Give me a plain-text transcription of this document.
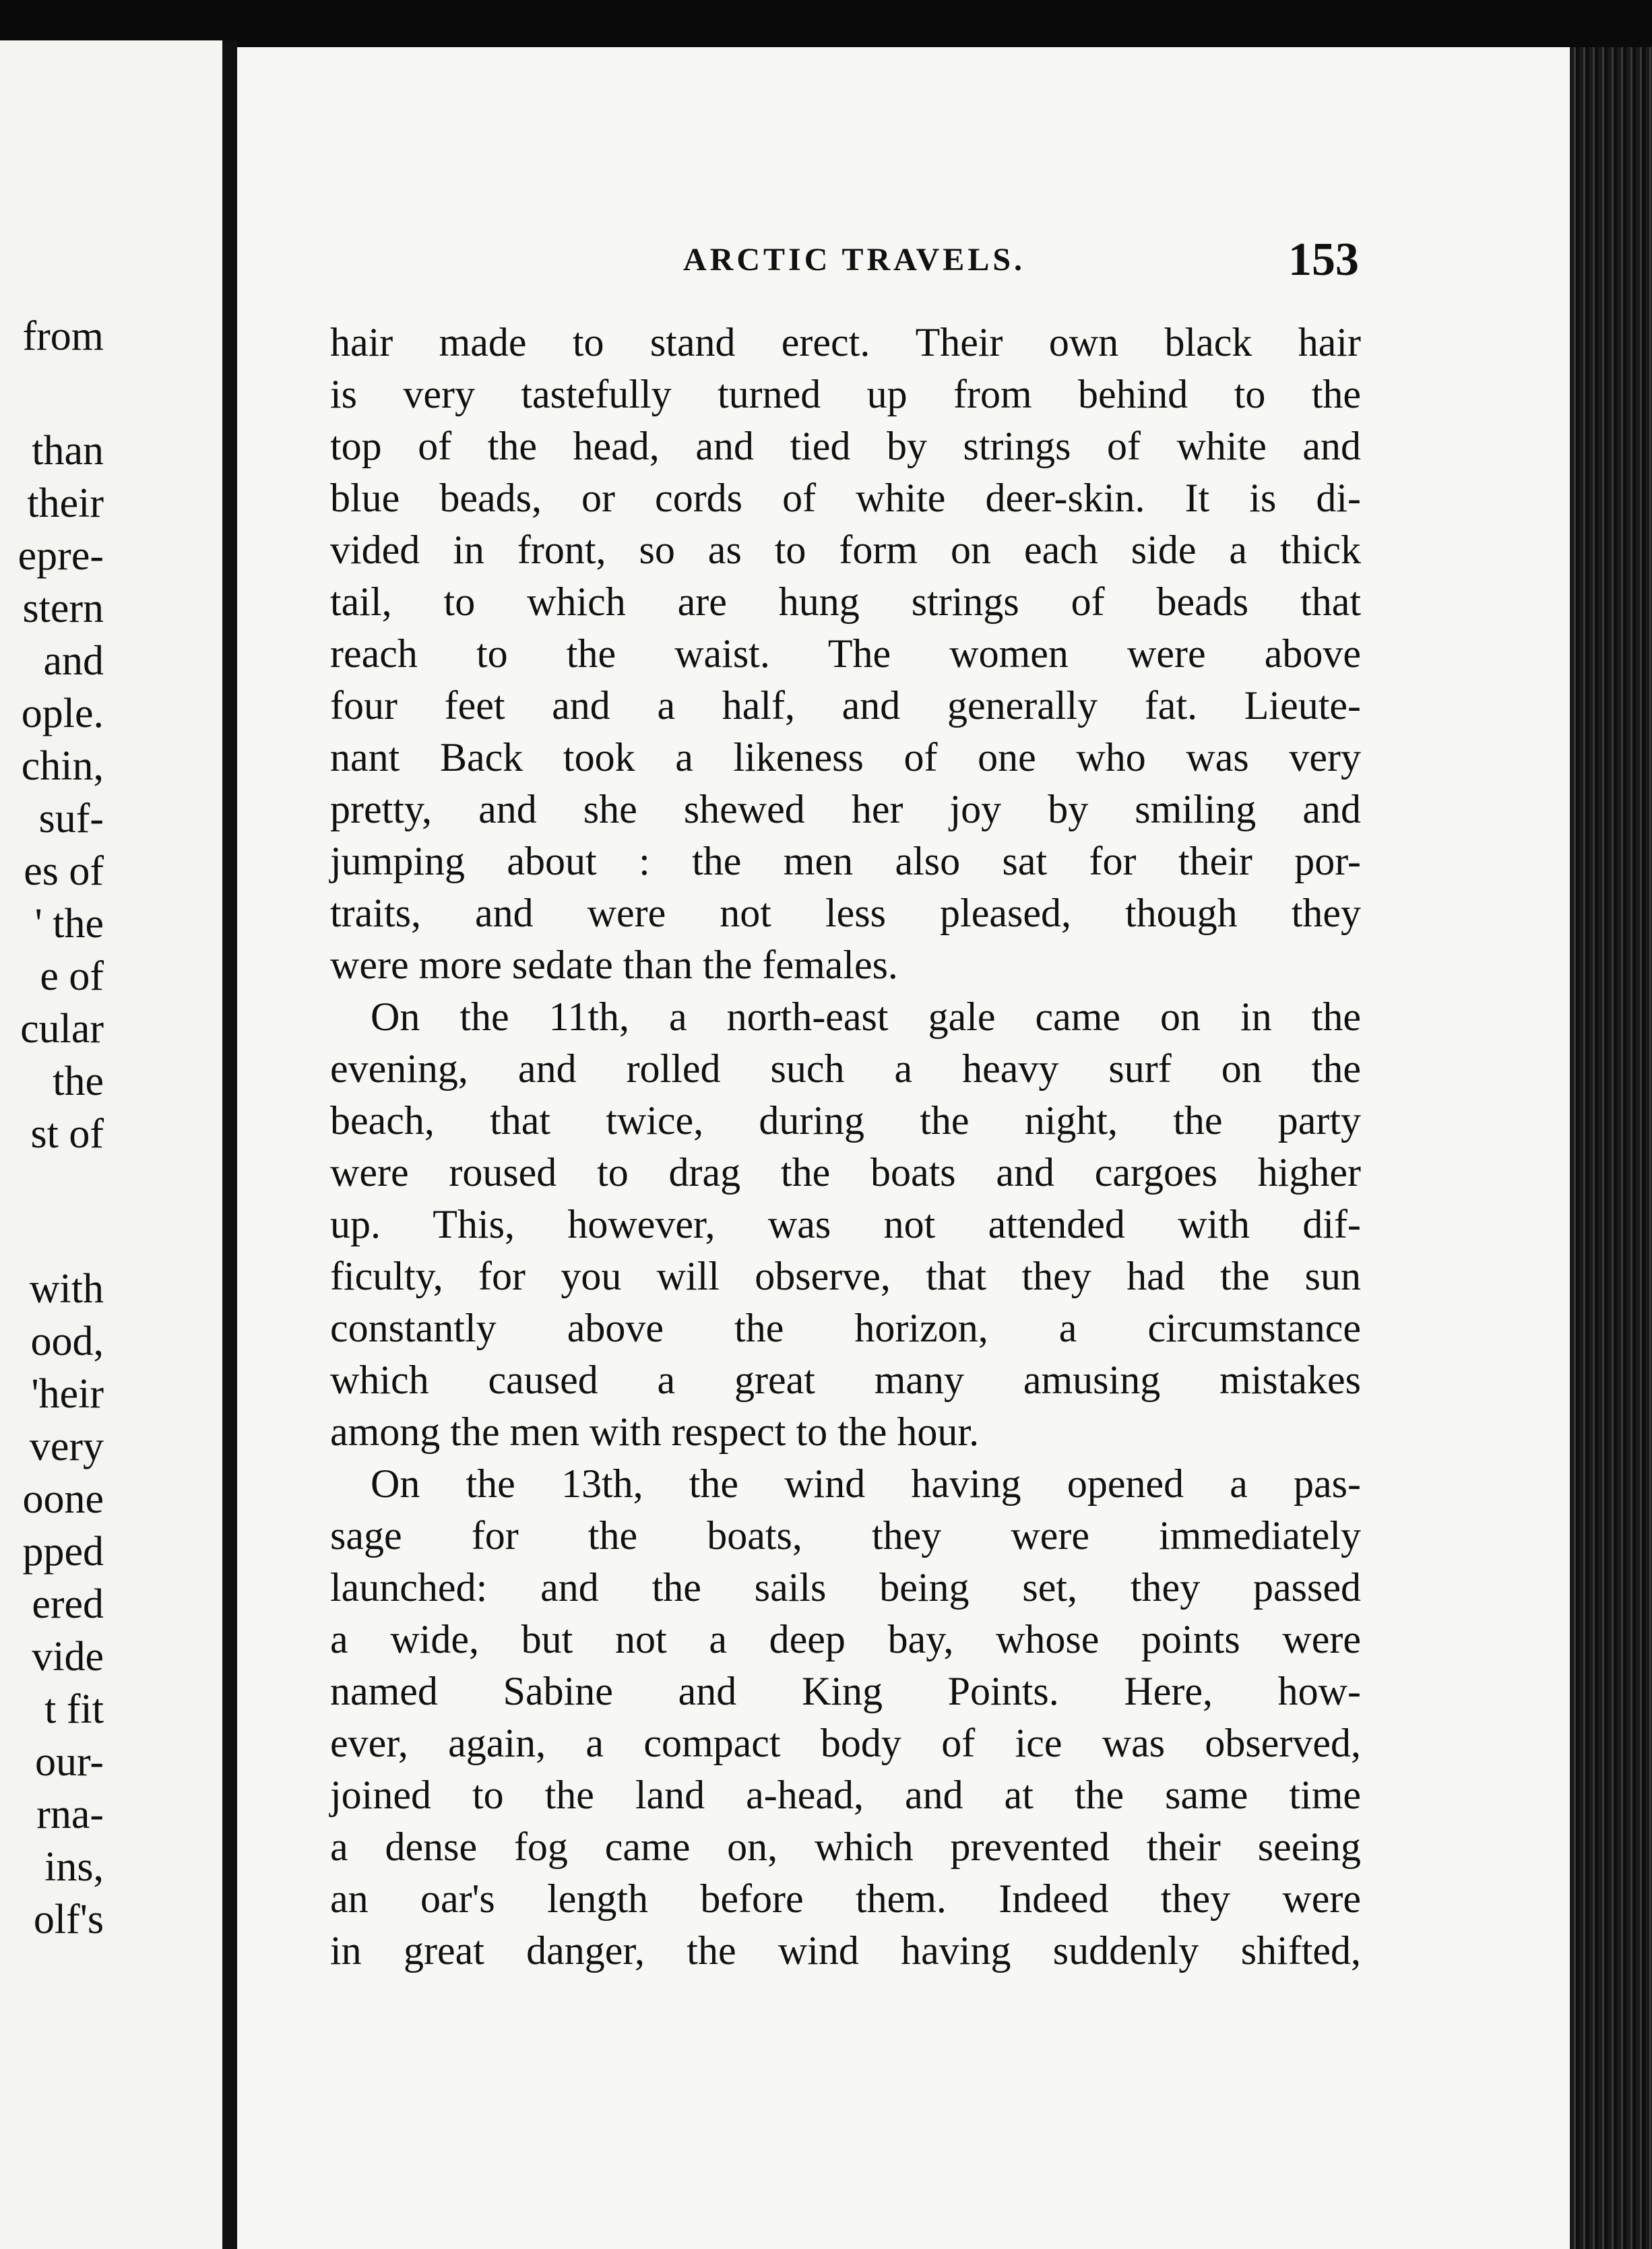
from

than

their

epre-

stern

and

ople.

chin,

suf-

es of

' the

e of

cular

the

st of

with

ood,

'heir

very

oone

pped

ered

vide

t fit

our-

rna-

ins,

olf's

ARCTIC TRAVELS.	153

hair made to stand erect. Their own black hair
is very tastefully turned up from behind to the
top of the head, and tied by strings of white and
blue beads, or cords of white deer-skin. It is di-
vided in front, so as to form on each side a thick
tail, to which are hung strings of beads that
reach to the waist. The women were above
four feet and a half, and generally fat. Lieute-
nant Back took a likeness of one who was very
pretty, and she shewed her joy by smiling and
jumping about : the men also sat for their por-
traits, and were not less pleased, though they
were more sedate than the females.
On the 11th, a north-east gale came on in the
evening, and rolled such a heavy surf on the
beach, that twice, during the night, the party
were roused to drag the boats and cargoes higher
up. This, however, was not attended with dif-
ficulty, for you will observe, that they had the sun
constantly above the horizon, a circumstance
which caused a great many amusing mistakes
among the men with respect to the hour.
On the 13th, the wind having opened a pas-
sage for the boats, they were immediately
launched: and the sails being set, they passed
a wide, but not a deep bay, whose points were
named Sabine and King Points. Here, how-
ever, again, a compact body of ice was observed,
joined to the land a-head, and at the same time
a dense fog came on, which prevented their seeing
an oar's length before them. Indeed they were
in great danger, the wind having suddenly shifted,
